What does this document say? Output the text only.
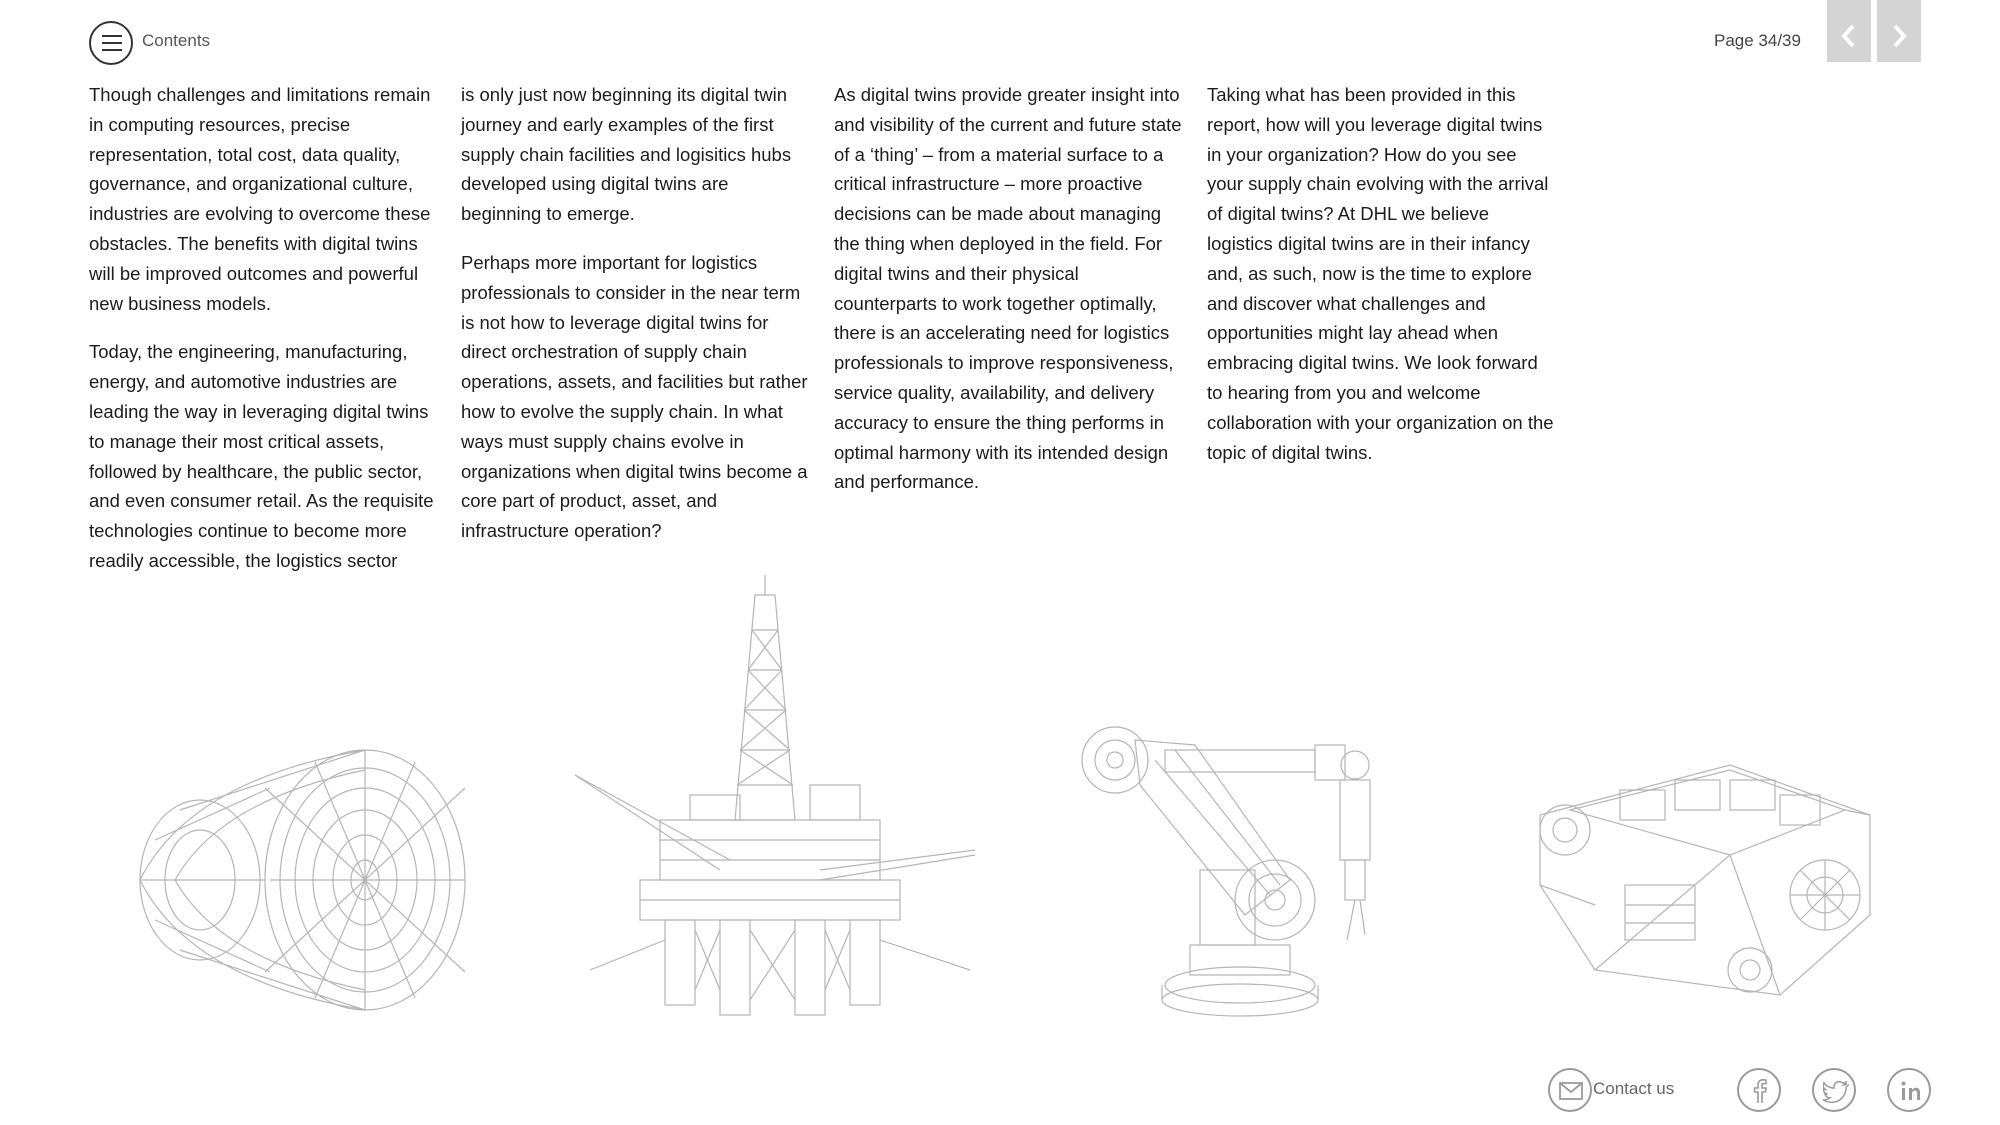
Contents	Page 34/39

Though challenges and limitations remain in computing resources, precise representation, total cost, data quality, governance, and organizational culture, industries are evolving to overcome these obstacles. The benefits with digital twins will be improved outcomes and powerful new business models.

Today, the engineering, manufacturing, energy, and automotive industries are leading the way in leveraging digital twins to manage their most critical assets, followed by healthcare, the public sector, and even consumer retail. As the requisite technologies continue to become more readily accessible, the logistics sector

is only just now beginning its digital twin journey and early examples of the first supply chain facilities and logisitics hubs developed using digital twins are beginning to emerge.

Perhaps more important for logistics professionals to consider in the near term is not how to leverage digital twins for direct orchestration of supply chain operations, assets, and facilities but rather how to evolve the supply chain. In what ways must supply chains evolve in organizations when digital twins become a core part of product, asset, and infrastructure operation?

As digital twins provide greater insight into and visibility of the current and future state of a ‘thing’ – from a material surface to a critical infrastructure – more proactive decisions can be made about managing the thing when deployed in the field. For digital twins and their physical counterparts to work together optimally, there is an accelerating need for logistics professionals to improve responsiveness, service quality, availability, and delivery accuracy to ensure the thing performs in optimal harmony with its intended design and performance.

Taking what has been provided in this report, how will you leverage digital twins in your organization? How do you see your supply chain evolving with the arrival of digital twins? At DHL we believe logistics digital twins are in their infancy and, as such, now is the time to explore and discover what challenges and opportunities might lay ahead when embracing digital twins. We look forward to hearing from you and welcome collaboration with your organization on the topic of digital twins.

Contact us
